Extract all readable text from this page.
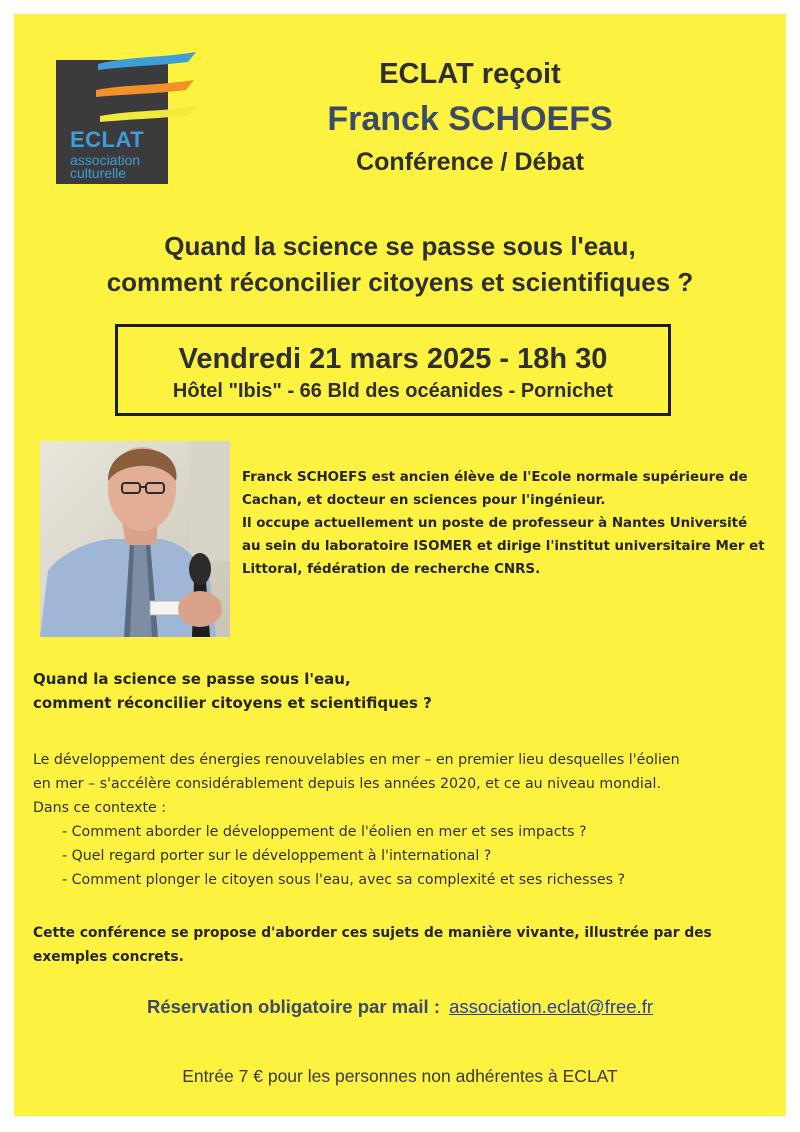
ECLAT
association
culturelle
ECLAT reçoit
Franck SCHOEFS
Conférence / Débat
Quand la science se passe sous l'eau,
comment réconcilier citoyens et scientifiques ?
Vendredi 21 mars 2025 - 18h 30
Hôtel "Ibis" - 66 Bld des océanides - Pornichet
Franck SCHOEFS est ancien élève de l'Ecole normale supérieure de
Cachan, et docteur en sciences pour l'ingénieur.
Il occupe actuellement un poste de professeur à Nantes Université
au sein du laboratoire ISOMER et dirige l'institut universitaire Mer et
Littoral, fédération de recherche CNRS.
Quand la science se passe sous l'eau,
comment réconcilier citoyens et scientifiques ?
Le développement des énergies renouvelables en mer – en premier lieu desquelles l'éolien
en mer – s'accélère considérablement depuis les années 2020, et ce au niveau mondial.
Dans ce contexte :
- Comment aborder le développement de l'éolien en mer et ses impacts ?
- Quel regard porter sur le développement à l'international ?
- Comment plonger le citoyen sous l'eau, avec sa complexité et ses richesses ?
Cette conférence se propose d'aborder ces sujets de manière vivante, illustrée par des
exemples concrets.
Réservation obligatoire par mail : association.eclat@free.fr
Entrée 7 € pour les personnes non adhérentes à ECLAT
